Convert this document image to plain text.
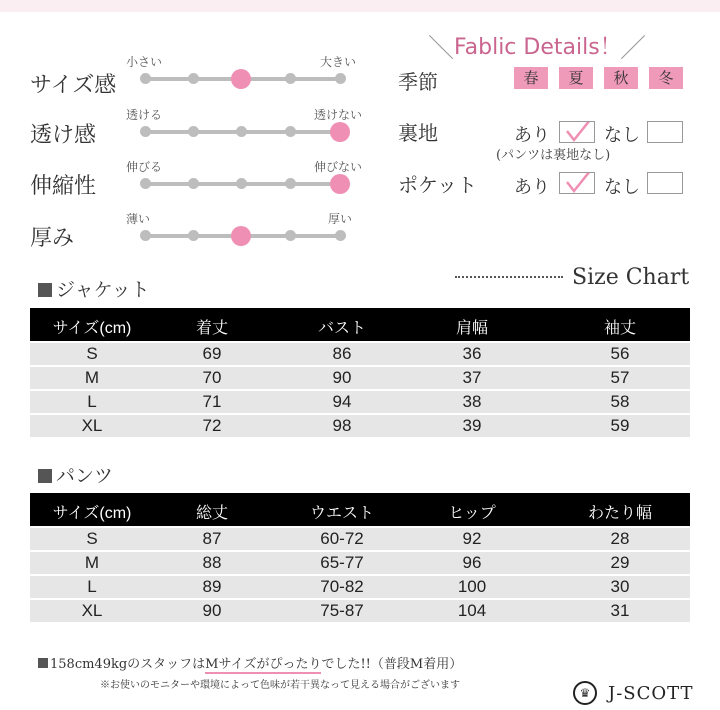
＼ Fablic Details！
／
サイズ感
小さい	大きい
透け感
透ける	透けない
伸縮性
伸びる	伸びない
厚み
薄い	厚い
季節	春	夏	秋	冬
裏地	あり	なし
(パンツは裏地なし)
ポケット あり	なし
ジャケット	Size Chart
サイズ(cm)	着丈	バスト	肩幅	袖丈
S	69	86	36	56
M	70	90	37	57
L	71	94	38	58
XL	72	98	39	59
パンツ
サイズ(cm)	総丈	ウエスト	ヒップ	わたり幅
S	87	60-72	92	28
M	88	65-77	96	29
L	89	70-82	100	30
XL	90	75-87	104	31
158cm49kgのスタッフはMサイズがぴったりでした!!（普段M着用）
※お使いのモニターや環境によって色味が若干異なって見える場合がございます
♛ J-SCOTT
